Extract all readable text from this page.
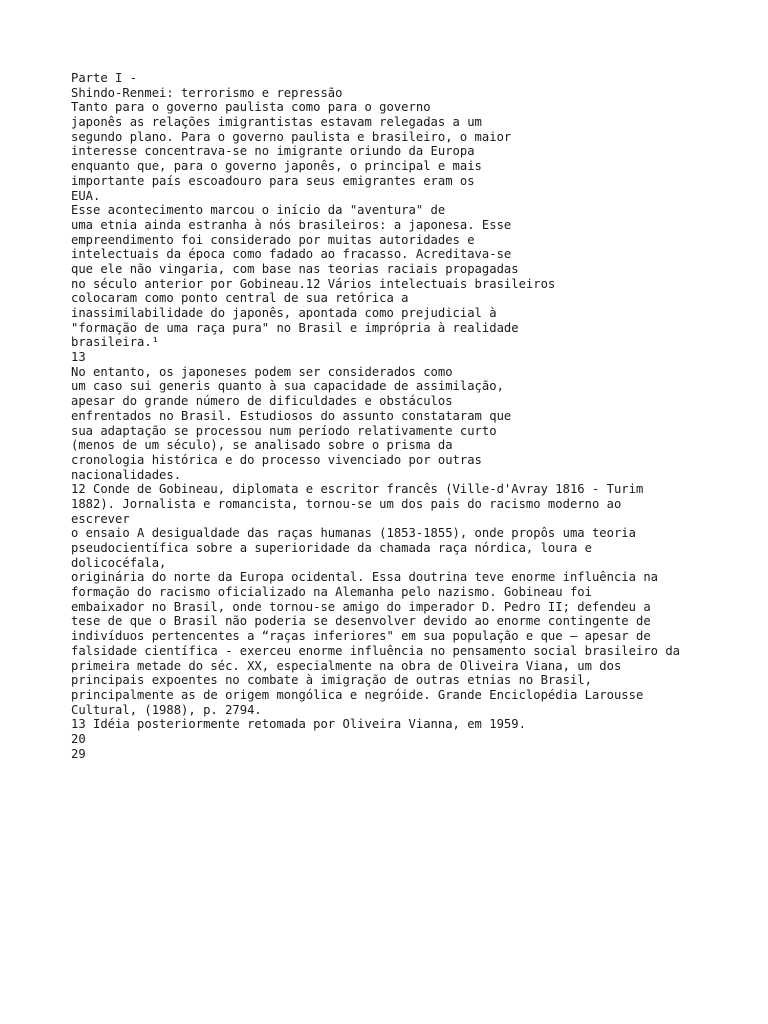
Parte I -

Shindo-Renmei: terrorismo e repressão

Tanto para o governo paulista como para o governo

japonês as relações imigrantistas estavam relegadas a um

segundo plano. Para o governo paulista e brasileiro, o maior

interesse concentrava-se no imigrante oriundo da Europa

enquanto que, para o governo japonês, o principal e mais

importante país escoadouro para seus emigrantes eram os

EUA.

Esse acontecimento marcou o início da "aventura" de

uma etnia ainda estranha à nós brasileiros: a japonesa. Esse

empreendimento foi considerado por muitas autoridades e

intelectuais da época como fadado ao fracasso. Acreditava-se

que ele não vingaria, com base nas teorias raciais propagadas

no século anterior por Gobineau.12 Vários intelectuais brasileiros

colocaram como ponto central de sua retórica a

inassimilabilidade do japonês, apontada como prejudicial à

"formação de uma raça pura" no Brasil e imprópria à realidade

brasileira.¹

13

No entanto, os japoneses podem ser considerados como

um caso sui generis quanto à sua capacidade de assimilação,

apesar do grande número de dificuldades e obstáculos

enfrentados no Brasil. Estudiosos do assunto constataram que

sua adaptação se processou num período relativamente curto

(menos de um século), se analisado sobre o prisma da

cronologia histórica e do processo vivenciado por outras

nacionalidades.

12 Conde de Gobineau, diplomata e escritor francês (Ville-d'Avray 1816 - Turim

1882). Jornalista e romancista, tornou-se um dos pais do racismo moderno ao

escrever

o ensaio A desigualdade das raças humanas (1853-1855), onde propôs uma teoria

pseudocientífica sobre a superioridade da chamada raça nórdica, loura e

dolicocéfala,

originária do norte da Europa ocidental. Essa doutrina teve enorme influência na

formação do racismo oficializado na Alemanha pelo nazismo. Gobineau foi

embaixador no Brasil, onde tornou-se amigo do imperador D. Pedro II; defendeu a

tese de que o Brasil não poderia se desenvolver devido ao enorme contingente de

indivíduos pertencentes a “raças inferiores" em sua população e que – apesar de

falsidade científica - exerceu enorme influência no pensamento social brasileiro da

primeira metade do séc. XX, especialmente na obra de Oliveira Viana, um dos

principais expoentes no combate à imigração de outras etnias no Brasil,

principalmente as de origem mongólica e negróide. Grande Enciclopédia Larousse

Cultural, (1988), p. 2794.

13 Idéia posteriormente retomada por Oliveira Vianna, em 1959.

20

29
